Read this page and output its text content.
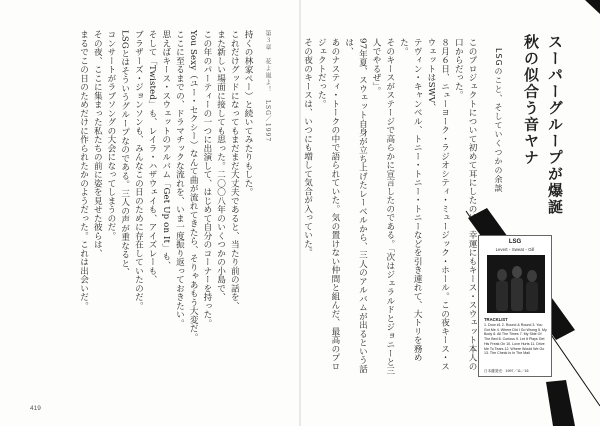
第３章　花よ嵐よ！　LSG／1997
持くの林家ペー）と続いてみたりもした。
これだけグッドになってもまだまだ大丈夫であると、当たり前の話を、
また新しい場面に接しても思った。二〇〇八年のいくつかの小島で、
この年のパーティーの一つに出演して、はじめて自分のコーナーを持った。
You Sexy（ユー・セクシー）なんて曲が流れてきたら、そりゃあもう大変だ。
ここに至るまでの、ドラマチックな流れを、いま一度振り返っておきたい。
思えばキース・スウェットのアルバム「Get Up on It」も、
そして「Twisted」も、レイラ・ハザウェイも、アイズレーも、
ブラザーズ・ジョンソンも、みんなこの日のために存在していたのだ。
LSGとはそういうグループなのである。三人の声が重なると、
コンサートがラブソングの大会になってしまうのだ。
その夜、ここに集まった私たちの前に姿を見せた彼らは、
まるでこの日のためだけに作られたかのようだった。これは出会いだ。
419
スーパーグループが爆誕
秋の似合う音ヤナ
LSGのこと、そしていくつかの余談
このプロジェクトについて初めて耳にしたのは、幸運にもキース・スウェット本人の口からだった。
８月６日、ニューヨーク・ラジオシティ・ミュージック・ホール。この夜キース・スウェットはSWV、
テヴィン・キャンベル、トニー・トニー・トニーなどを引き連れて、大トリを務めた。
そのキースがステージで高らかに宣言したのである。「次はジェラルドとジョニーと三人でやるぜ」。
97年夏、スウェット自身が立ち上げたレーベルから、三人のアルバムが出るという話は、
あのナスティ・トークの中で語られていた。気の置けない仲間と組んだ、最高のプロジェクトだった。
その夜のキースは、いつにも増して気合が入っていた。	LSG
Levert・Sweat・Gill
TRACKLIST
1. Door #1 2. Round & Round 3. You Got Me 4. Where Did I Go Wrong 5. My Body 6. All The Times 7. My Side Of The Bed 8. Curious 9. Let It Plays Get His Freak On 10. Love Hurts 11. Drive Me To Tears 12. Where Would We Go 13. The Check Is In The Mail
日本盤発売：1997／11／16
